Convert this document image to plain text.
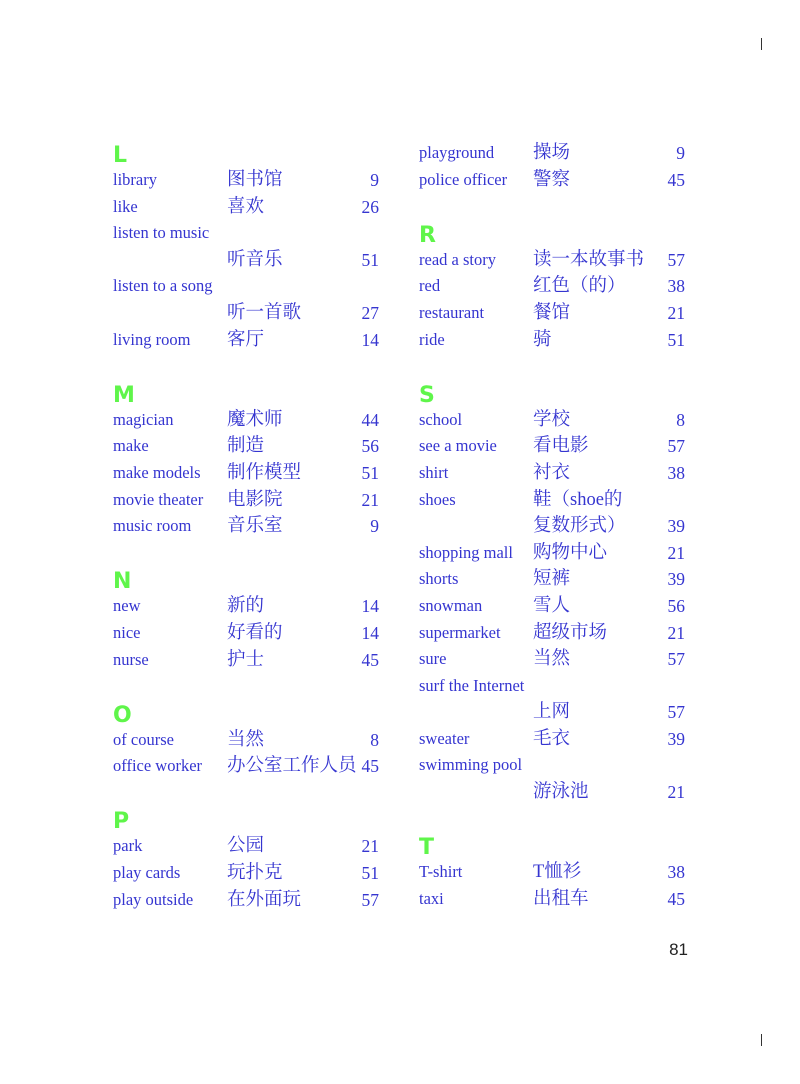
L
library	图书馆	9
like	喜欢	26
listen to music
听音乐	51
listen to a song
听一首歌	27
living room 客厅	14
M
magician	魔术师	44
make	制造	56
make models 制作模型	51
movie theater 电影院	21
music room 音乐室	9
N
new	新的	14
nice	好看的	14
nurse	护士	45
O
of course	当然	8
office worker 办公室工作人员 45
P
park	公园	21
play cards	玩扑克	51
play outside 在外面玩	57
playground 操场	9
police officer 警察	45
R
read a story 读一本故事书 57
red	红色（的） 38
restaurant	餐馆	21
ride	骑	51
S
school	学校	8
see a movie 看电影	57
shirt	衬衣	38
shoes	鞋（shoe的
复数形式） 39
shopping mall 购物中心	21
shorts	短裤	39
snowman	雪人	56
supermarket 超级市场	21
sure	当然	57
surf the Internet
上网	57
sweater	毛衣	39
swimming pool
游泳池	21
T
T-shirt	T恤衫	38
taxi	出租车	45
81
